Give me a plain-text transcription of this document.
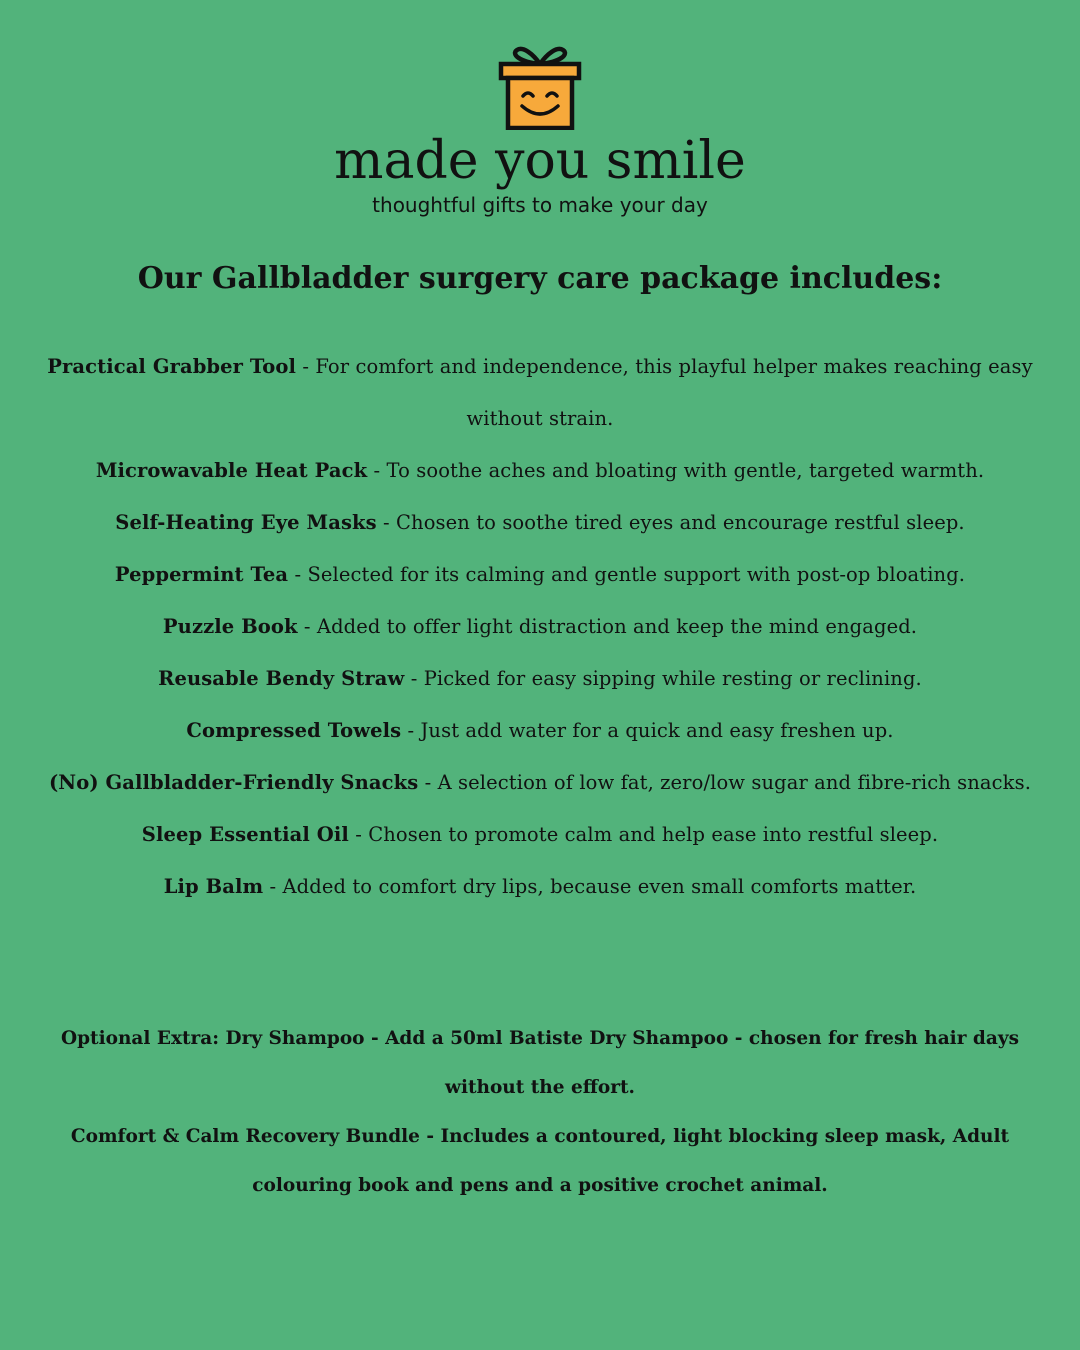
made you smile
thoughtful gifts to make your day
Our Gallbladder surgery care package includes:
Practical Grabber Tool - For comfort and independence, this playful helper makes reaching easy without strain.
Microwavable Heat Pack - To soothe aches and bloating with gentle, targeted warmth.
Self-Heating Eye Masks - Chosen to soothe tired eyes and encourage restful sleep.
Peppermint Tea - Selected for its calming and gentle support with post-op bloating.
Puzzle Book - Added to offer light distraction and keep the mind engaged.
Reusable Bendy Straw - Picked for easy sipping while resting or reclining.
Compressed Towels - Just add water for a quick and easy freshen up.
(No) Gallbladder-Friendly Snacks - A selection of low fat, zero/low sugar and fibre-rich snacks.
Sleep Essential Oil - Chosen to promote calm and help ease into restful sleep.
Lip Balm - Added to comfort dry lips, because even small comforts matter.
Optional Extra: Dry Shampoo - Add a 50ml Batiste Dry Shampoo - chosen for fresh hair days without the effort.
Comfort & Calm Recovery Bundle - Includes a contoured, light blocking sleep mask, Adult colouring book and pens and a positive crochet animal.
